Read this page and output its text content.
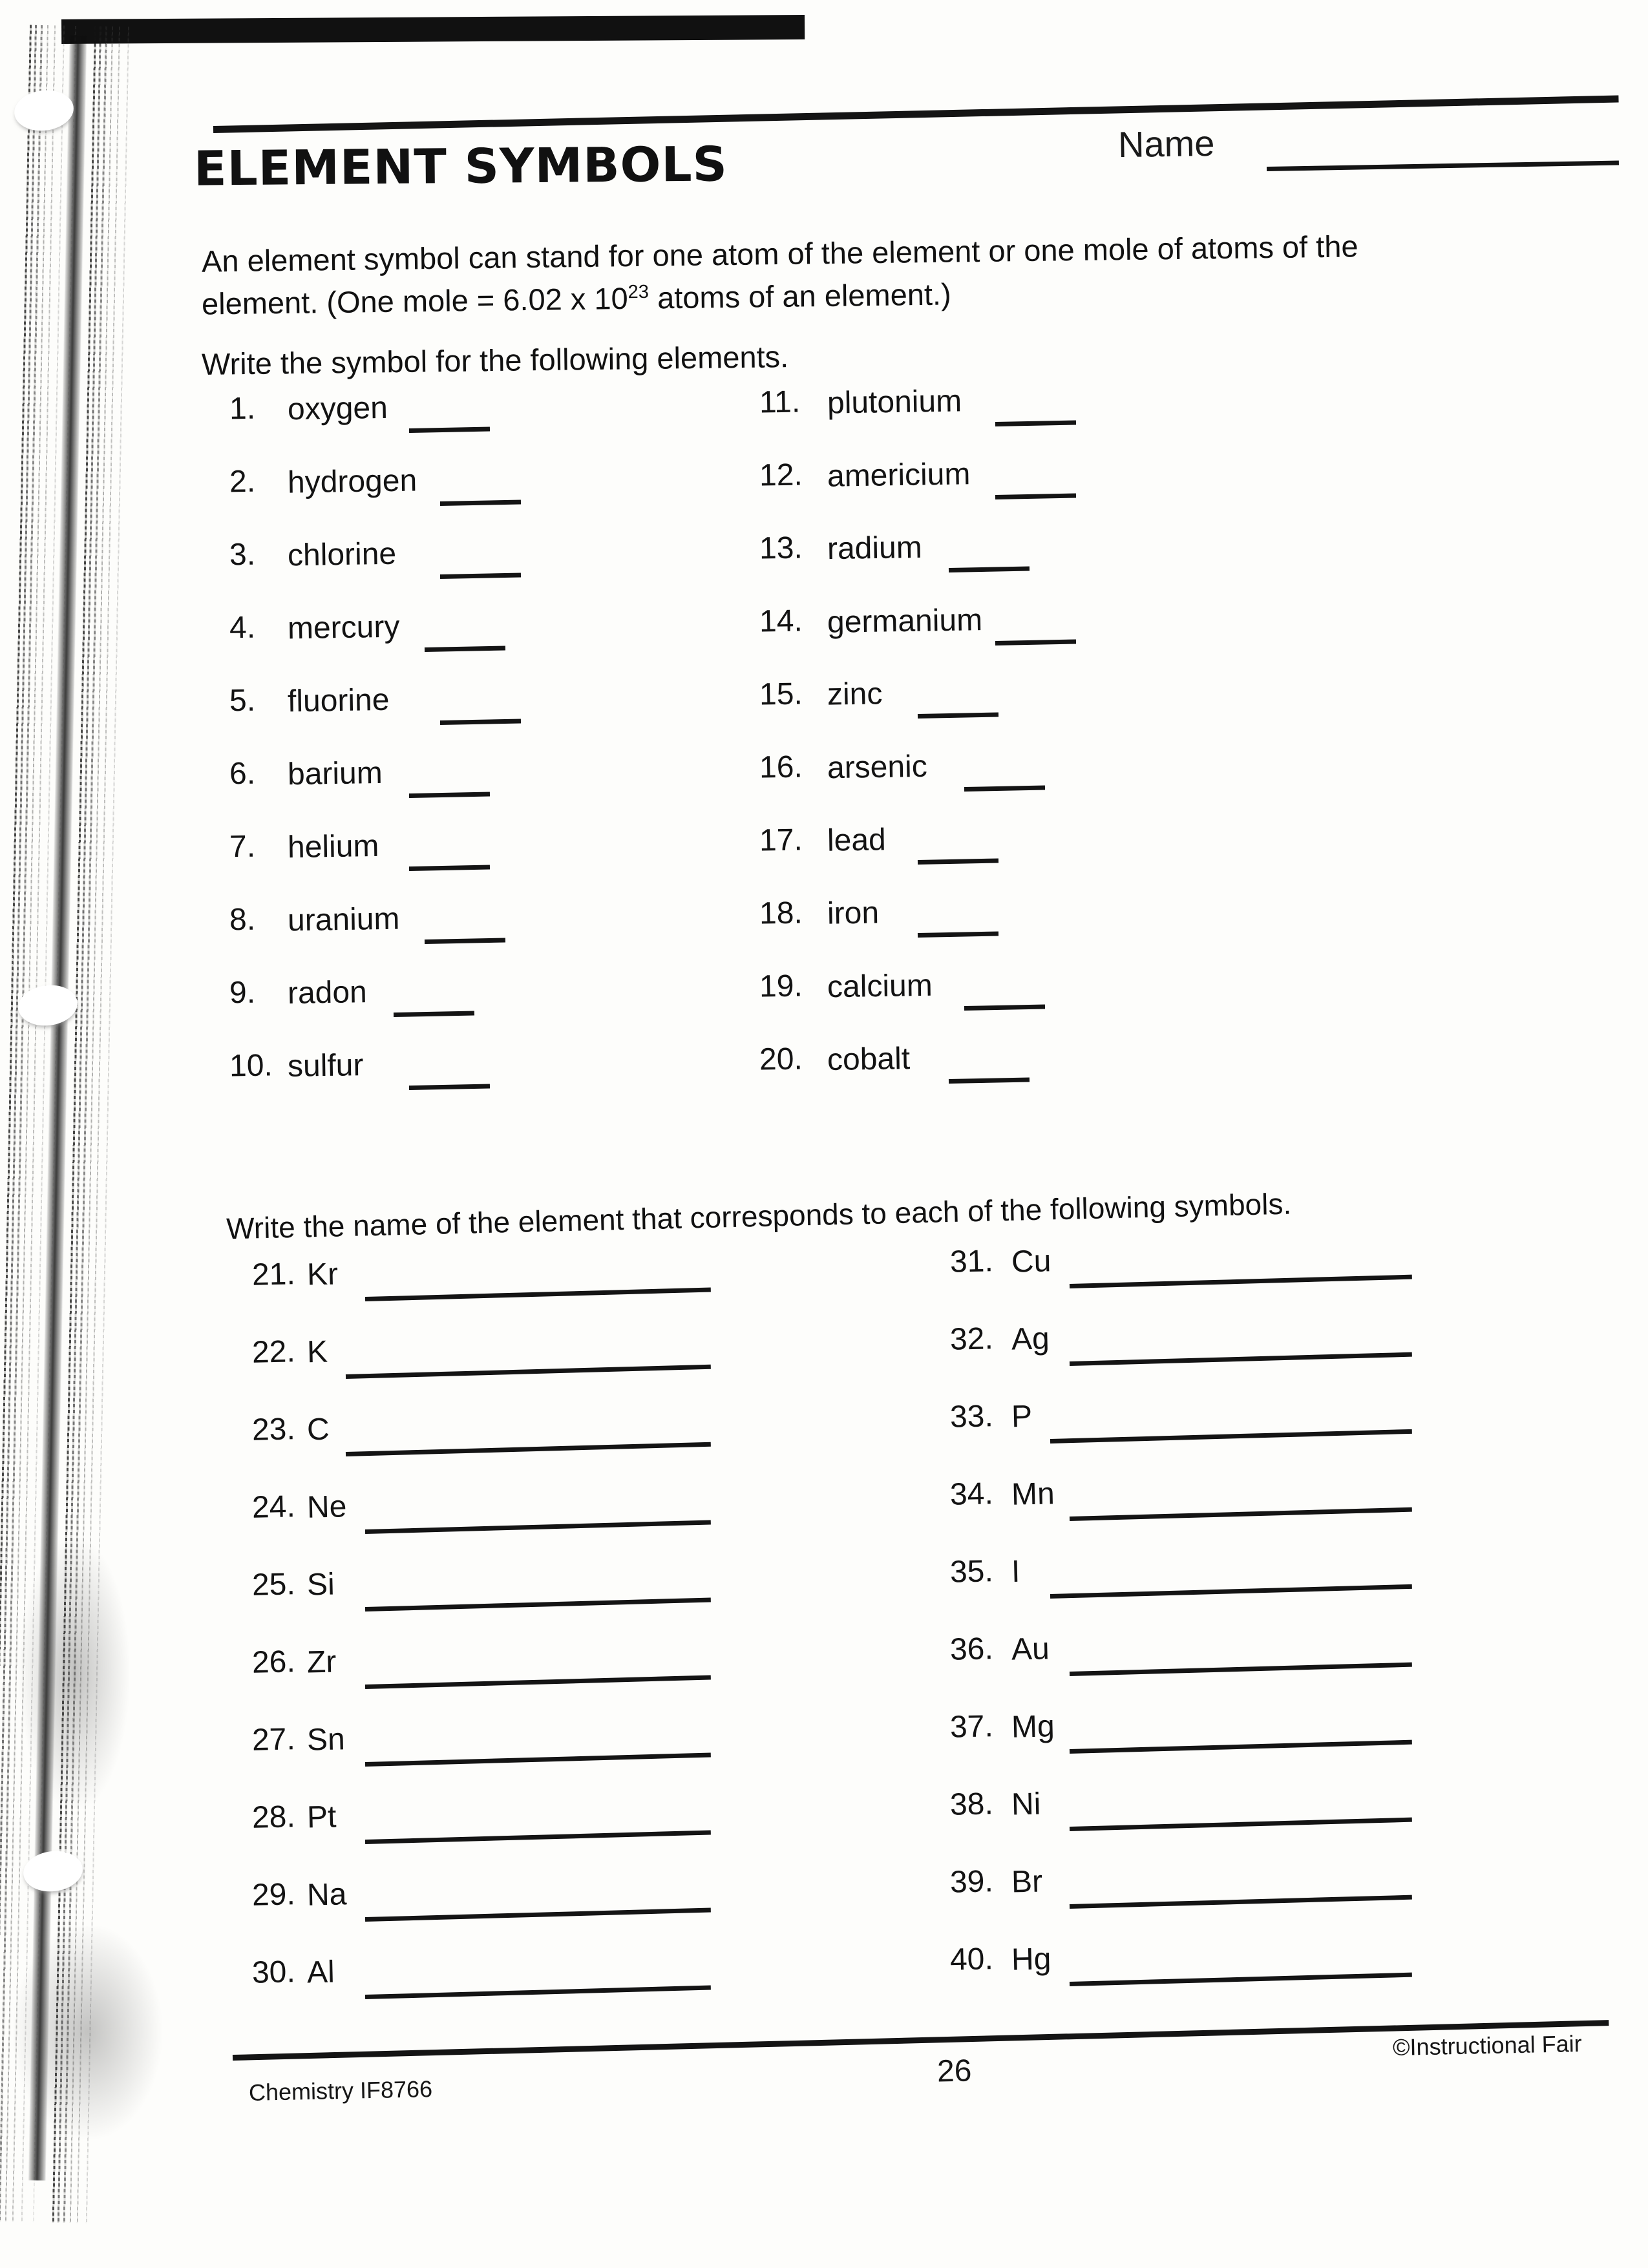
ELEMENT SYMBOLS	Name
An element symbol can stand for one atom of the element or one mole of atoms of the
element. (One mole = 6.02 x $10^{23}$ atoms of an element.)
Write the symbol for the following elements.
Write the name of the element that corresponds to each of the following symbols.
1. oxygen
2. hydrogen
3. chlorine
4. mercury
5. fluorine
6. barium
7. helium
8. uranium
9. radon
10. sulfur
11. plutonium
12. americium
13. radium
14. germanium
15. zinc
16. arsenic
17. lead
18. iron
19. calcium
20. cobalt
21. Kr
22. K
23. C
24. Ne
25. Si
26. Zr
27. Sn
28. Pt
29. Na
30. Al
31. Cu
32. Ag
33. P
34. Mn
35. I
36. Au
37. Mg
38. Ni
39. Br
40. Hg
Chemistry IF8766
26
©Instructional Fair
